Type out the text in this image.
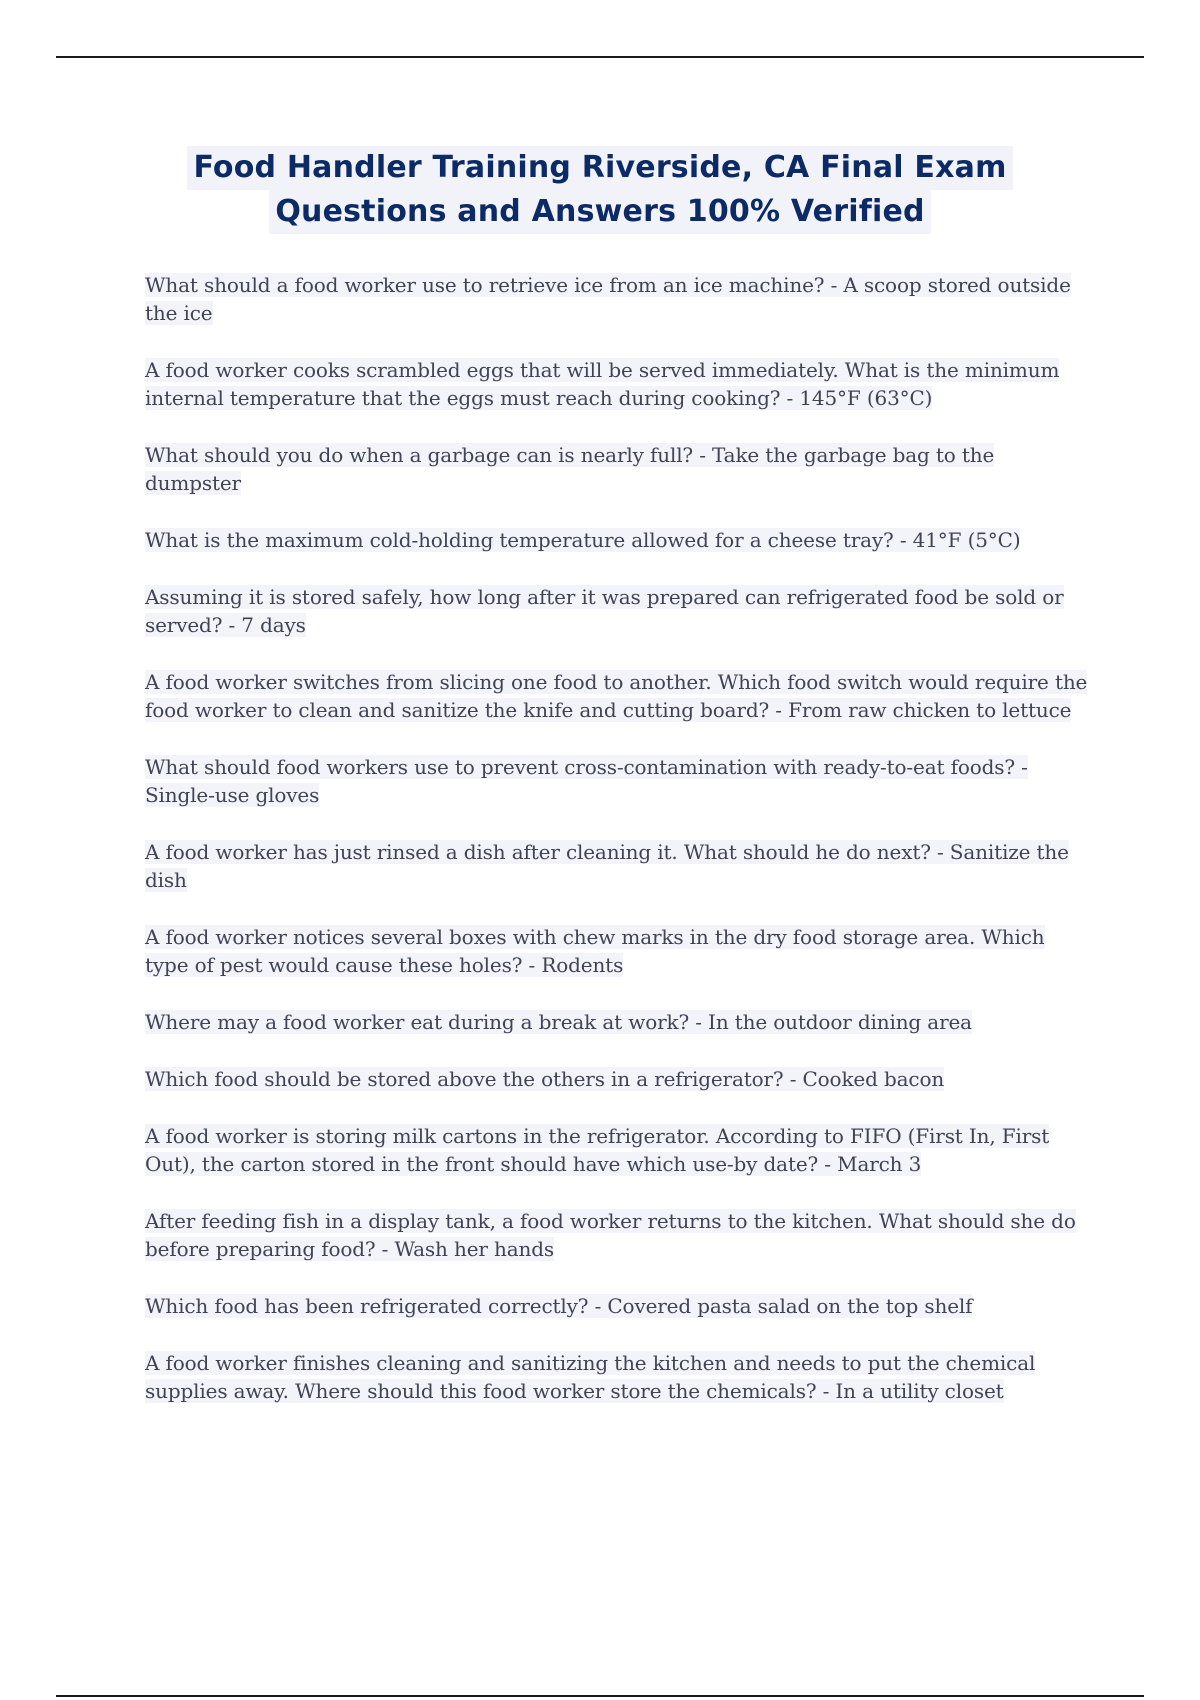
Food Handler Training Riverside, CA Final Exam
Questions and Answers 100% Verified

What should a food worker use to retrieve ice from an ice machine? - A scoop stored outside the ice

A food worker cooks scrambled eggs that will be served immediately. What is the minimum internal temperature that the eggs must reach during cooking? - 145°F (63°C)

What should you do when a garbage can is nearly full? - Take the garbage bag to the dumpster

What is the maximum cold-holding temperature allowed for a cheese tray? - 41°F (5°C)

Assuming it is stored safely, how long after it was prepared can refrigerated food be sold or served? - 7 days

A food worker switches from slicing one food to another. Which food switch would require the food worker to clean and sanitize the knife and cutting board? - From raw chicken to lettuce

What should food workers use to prevent cross-contamination with ready-to-eat foods? - Single-use gloves

A food worker has just rinsed a dish after cleaning it. What should he do next? - Sanitize the dish

A food worker notices several boxes with chew marks in the dry food storage area. Which type of pest would cause these holes? - Rodents

Where may a food worker eat during a break at work? - In the outdoor dining area

Which food should be stored above the others in a refrigerator? - Cooked bacon

A food worker is storing milk cartons in the refrigerator. According to FIFO (First In, First Out), the carton stored in the front should have which use-by date? - March 3

After feeding fish in a display tank, a food worker returns to the kitchen. What should she do before preparing food? - Wash her hands

Which food has been refrigerated correctly? - Covered pasta salad on the top shelf

A food worker finishes cleaning and sanitizing the kitchen and needs to put the chemical supplies away. Where should this food worker store the chemicals? - In a utility closet
